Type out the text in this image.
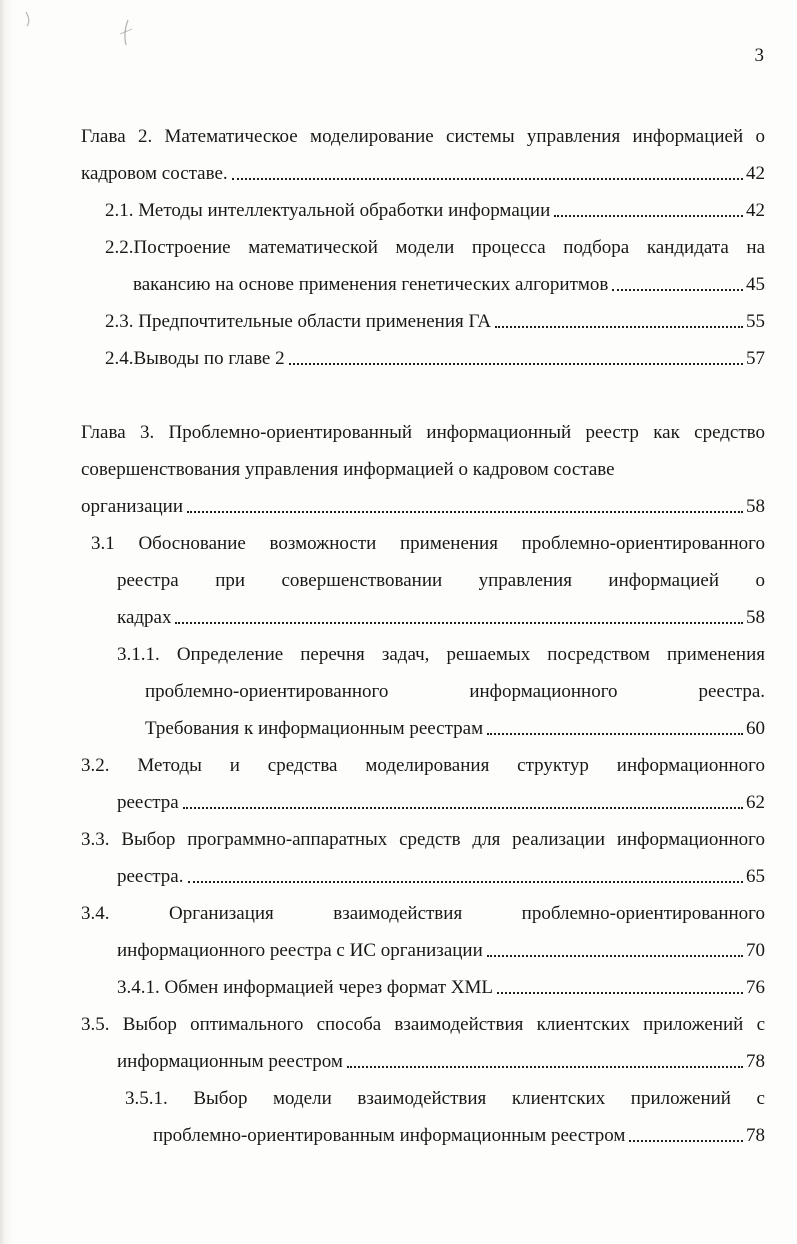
3
Глава 2. Математическое моделирование системы управления информацией о
кадровом составе.	42
2.1. Методы интеллектуальной обработки информации	42
2.2.Построение математической модели процесса подбора кандидата на
вакансию на основе применения генетических алгоритмов	45
2.3. Предпочтительные области применения ГА	55
2.4.Выводы по главе 2	57
Глава 3. Проблемно-ориентированный информационный реестр как средство
совершенствования управления информацией о кадровом составе
организации	58
3.1 Обоснование возможности применения проблемно-ориентированного
реестра при совершенствовании управления информацией о
кадрах	58
3.1.1. Определение перечня задач, решаемых посредством применения
проблемно-ориентированного информационного реестра.
Требования к информационным реестрам	60
3.2. Методы и средства моделирования структур информационного
реестра	62
3.3. Выбор программно-аппаратных средств для реализации информационного
реестра.	65
3.4. Организация взаимодействия проблемно-ориентированного
информационного реестра с ИС организации	70
3.4.1. Обмен информацией через формат XML	76
3.5. Выбор оптимального способа взаимодействия клиентских приложений с
информационным реестром	78
3.5.1. Выбор модели взаимодействия клиентских приложений с
проблемно-ориентированным информационным реестром	78
